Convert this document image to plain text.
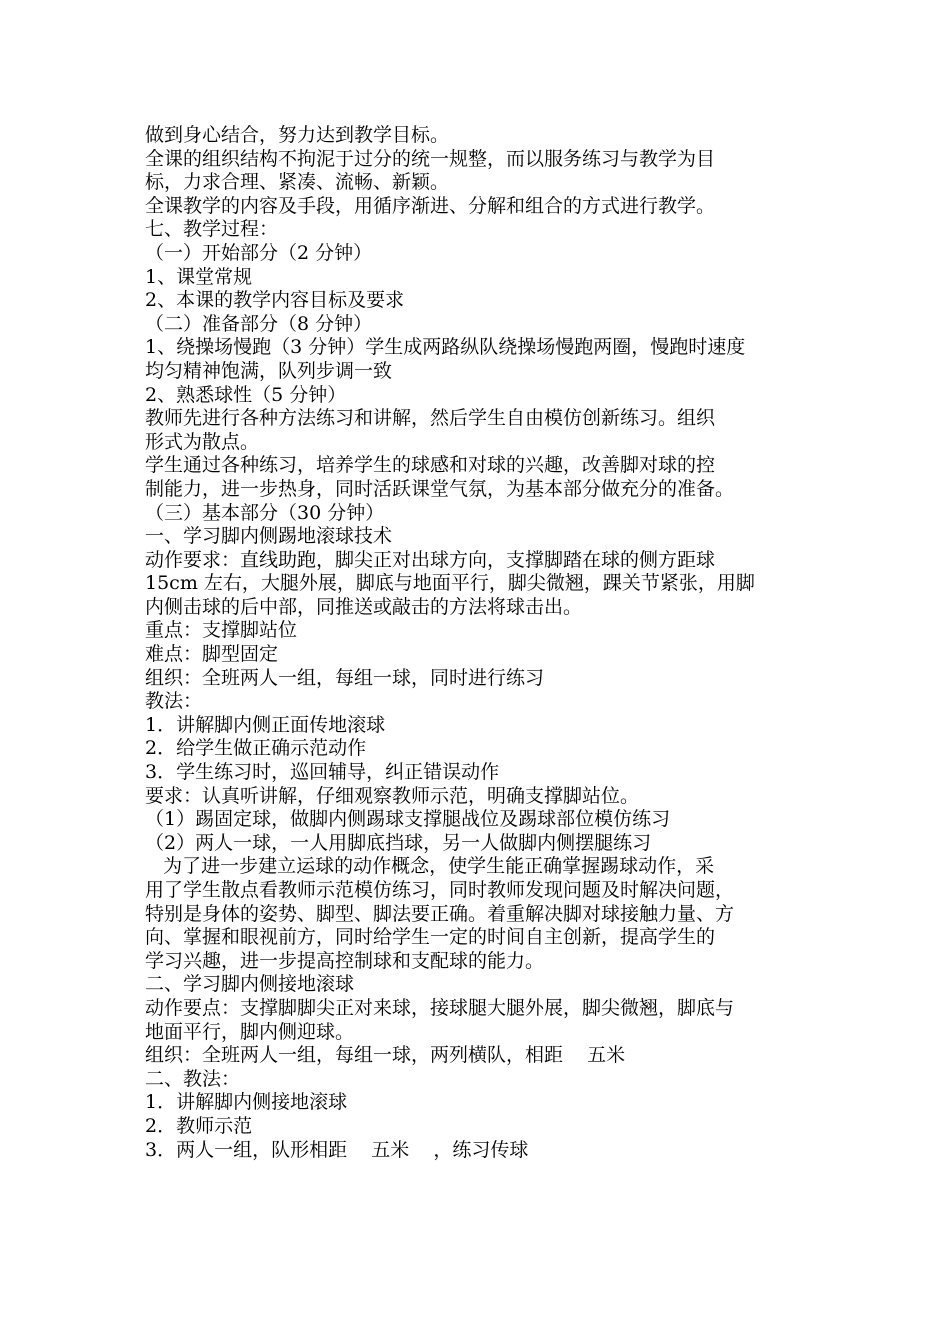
做到身心结合，努力达到教学目标。

全课的组织结构不拘泥于过分的统一规整，而以服务练习与教学为目

标，力求合理、紧凑、流畅、新颖。

全课教学的内容及手段，用循序渐进、分解和组合的方式进行教学。

七、教学过程：

（一）开始部分（2 分钟）

1、课堂常规

2、本课的教学内容目标及要求

（二）准备部分（8 分钟）

1、绕操场慢跑（3 分钟）学生成两路纵队绕操场慢跑两圈，慢跑时速度

均匀精神饱满，队列步调一致

2、熟悉球性（5 分钟）

教师先进行各种方法练习和讲解，然后学生自由模仿创新练习。组织

形式为散点。

学生通过各种练习，培养学生的球感和对球的兴趣，改善脚对球的控

制能力，进一步热身，同时活跃课堂气氛，为基本部分做充分的准备。

（三）基本部分（30 分钟）

一、学习脚内侧踢地滚球技术

动作要求：直线助跑，脚尖正对出球方向，支撑脚踏在球的侧方距球

15cm 左右，大腿外展，脚底与地面平行，脚尖微翘，踝关节紧张，用脚

内侧击球的后中部，同推送或敲击的方法将球击出。

重点：支撑脚站位

难点：脚型固定

组织：全班两人一组，每组一球，同时进行练习

教法：

1．讲解脚内侧正面传地滚球

2．给学生做正确示范动作

3．学生练习时，巡回辅导，纠正错误动作

要求：认真听讲解，仔细观察教师示范，明确支撑脚站位。

（1）踢固定球，做脚内侧踢球支撑腿战位及踢球部位模仿练习

（2）两人一球，一人用脚底挡球，另一人做脚内侧摆腿练习

为了进一步建立运球的动作概念，使学生能正确掌握踢球动作，采

用了学生散点看教师示范模仿练习，同时教师发现问题及时解决问题，

特别是身体的姿势、脚型、脚法要正确。着重解决脚对球接触力量、方

向、掌握和眼视前方，同时给学生一定的时间自主创新，提高学生的

学习兴趣，进一步提高控制球和支配球的能力。

二、学习脚内侧接地滚球

动作要点：支撑脚脚尖正对来球，接球腿大腿外展，脚尖微翘，脚底与

地面平行，脚内侧迎球。

组织：全班两人一组，每组一球，两列横队，相距    五米

二、教法：

1．讲解脚内侧接地滚球

2．教师示范

3．两人一组，队形相距    五米    ，练习传球
